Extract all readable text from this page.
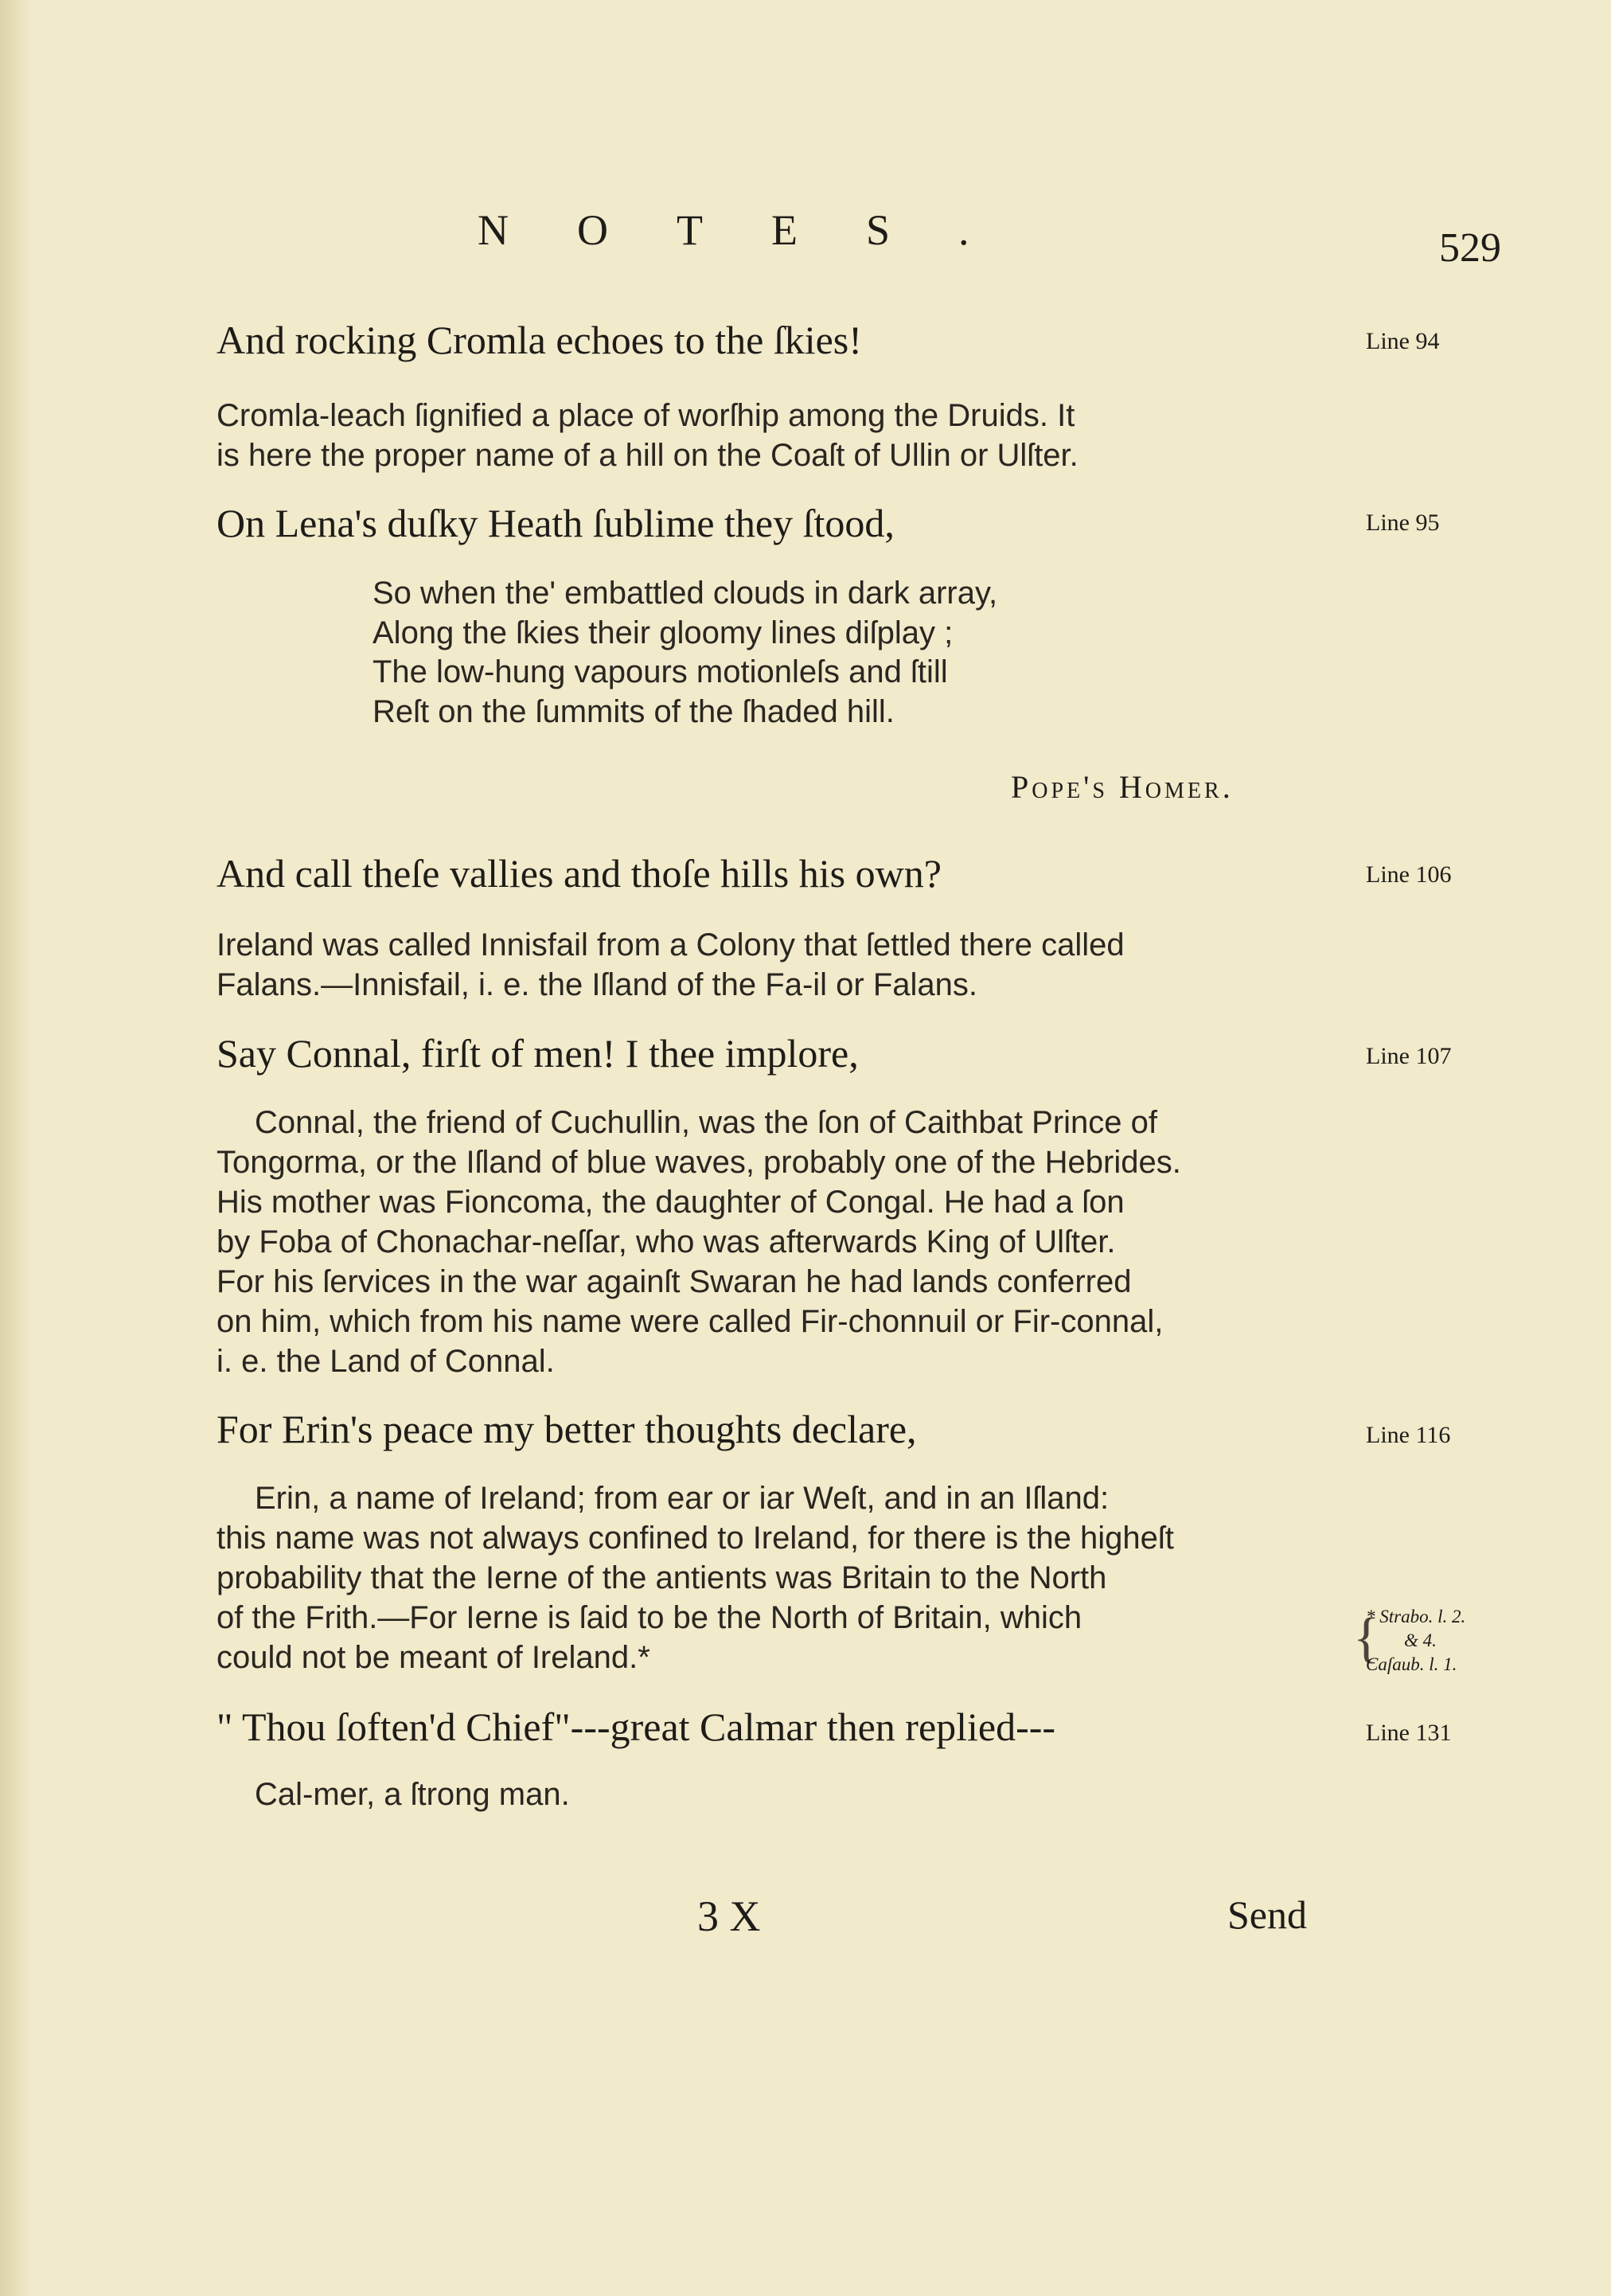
NOTES.	529
And rocking Cromla echoes to the ſkies!	Line 94
Cromla-leach ſignified a place of worſhip among the Druids. It
is here the proper name of a hill on the Coaſt of Ullin or Ulſter.
On Lena's duſky Heath ſublime they ſtood,	Line 95
So when the' embattled clouds in dark array,
Along the ſkies their gloomy lines diſplay ;
The low-hung vapours motionleſs and ſtill
Reſt on the ſummits of the ſhaded hill.
Pope's Homer.
And call theſe vallies and thoſe hills his own?	Line 106
Ireland was called Innisfail from a Colony that ſettled there called
Falans.—Innisfail, i. e. the Iſland of the Fa-il or Falans.
Say Connal, firſt of men! I thee implore,	Line 107
Connal, the friend of Cuchullin, was the ſon of Caithbat Prince of
Tongorma, or the Iſland of blue waves, probably one of the Hebrides.
His mother was Fioncoma, the daughter of Congal. He had a ſon
by Foba of Chonachar-neſſar, who was afterwards King of Ulſter.
For his ſervices in the war againſt Swaran he had lands conferred
on him, which from his name were called Fir-chonnuil or Fir-connal,
i. e. the Land of Connal.
For Erin's peace my better thoughts declare,	Line 116
Erin, a name of Ireland; from ear or iar Weſt, and in an Iſland:
this name was not always confined to Ireland, for there is the higheſt
probability that the Ierne of the antients was Britain to the North
of the Frith.—For Ierne is ſaid to be the North of Britain, which
could not be meant of Ireland.*	{
* Strabo. l. 2.
& 4.
Caſaub. l. 1.
" Thou ſoften'd Chief"---great Calmar then replied---	Line 131
Cal-mer, a ſtrong man.
3 X	Send
